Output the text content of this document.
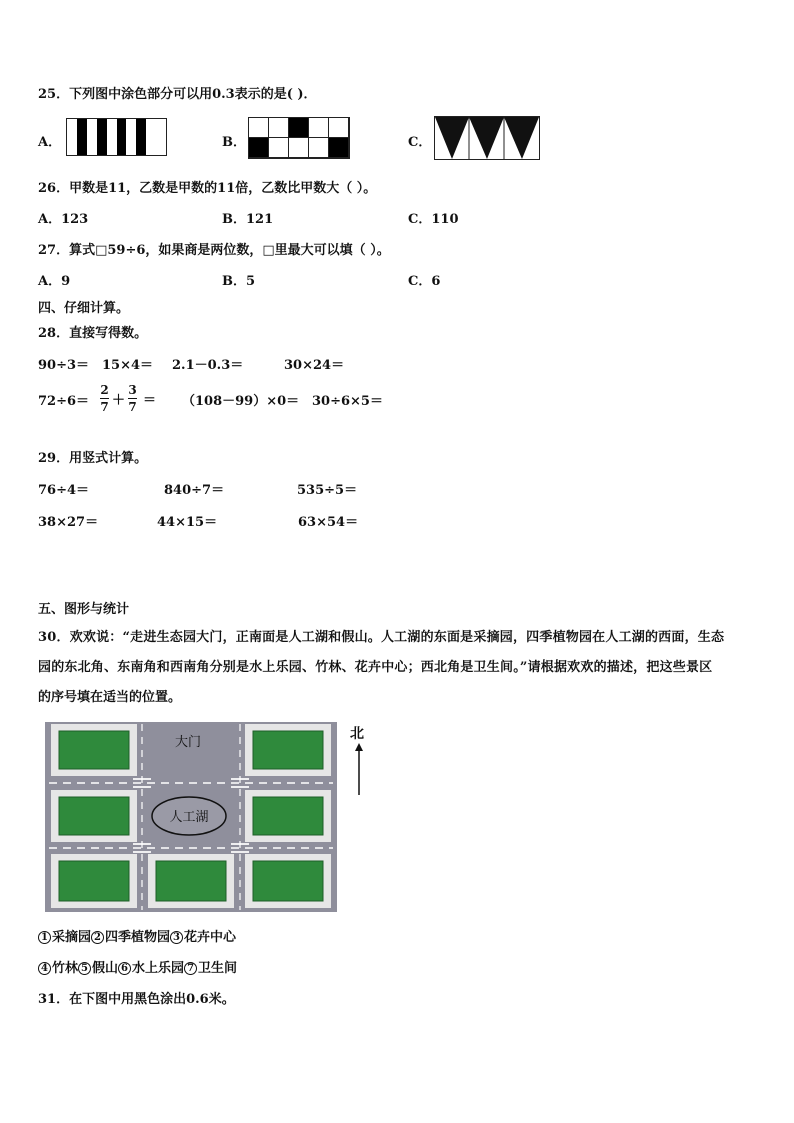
25．下列图中涂色部分可以用0.3表示的是( )．
A．	B．	C．
26．甲数是11，乙数是甲数的11倍，乙数比甲数大（ ）。
A．123	B．121	C．110
27．算式□59÷6，如果商是两位数，□里最大可以填（ ）。
A．9	B．5	C．6
四、仔细计算。
28．直接写得数。
90÷3＝ 15×4＝ 2.1－0.3＝	30×24＝
$72\div 6= \frac{2}{7} + \frac{3}{7} = (108-99)\times 0= 30\div 6\times 5=$
29．用竖式计算。
76÷4＝	840÷7＝	535÷5＝
38×27＝	44×15＝	63×54＝
五、图形与统计
30．欢欢说：“走进生态园大门，正南面是人工湖和假山。人工湖的东面是采摘园，四季植物园在人工湖的西面，生态
园的东北角、东南角和西南角分别是水上乐园、竹林、花卉中心；西北角是卫生间。”请根据欢欢的描述，把这些景区
的序号填在适当的位置。
人工湖
大门
北
1 采摘园 2 四季植物园 3 花卉中心
4 竹林 5 假山 6 水上乐园 7 卫生间
31．在下图中用黑色涂出0.6米。
